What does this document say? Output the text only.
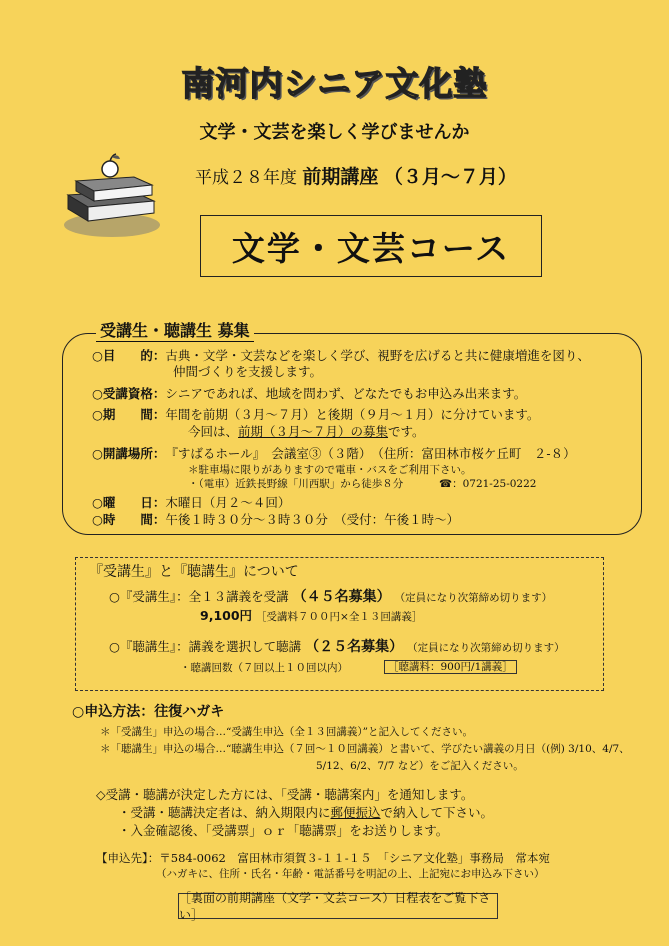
南河内シニア文化塾
文学・文芸を楽しく学びませんか
平成２８年度 前期講座 （３月～７月）
文学・文芸コース
受講生・聴講生 募集
○目　　的：古典・文学・文芸などを楽しく学び、視野を広げると共に健康増進を図り、
仲間づくりを支援します。
○受講資格：シニアであれば、地域を問わず、どなたでもお申込み出来ます。
○期　　間：年間を前期（３月～７月）と後期（９月～１月）に分けています。
今回は、前期（３月～７月）の募集です。
○開講場所：『すばるホール』　会議室③（３階）　（住所：富田林市桜ケ丘町　２-８）
＊駐車場に限りがありますので電車・バスをご利用下さい。
・（電車）近鉄長野線「川西駅」から徒歩８分	☎：0721-25-0222
○曜　　日：木曜日（月２～４回）
○時　　間：午後１時３０分～３時３０分　（受付：午後１時～）
『受講生』と『聴講生』について
○『受講生』：全１３講義を受講 （４５名募集） （定員になり次第締め切ります）
9,100円 ［受講料７００円×全１３回講義］
○『聴講生』：講義を選択して聴講 （２５名募集） （定員になり次第締め切ります）
・聴講回数（７回以上１０回以内）	［聴講料：900円/1講義］
○申込方法：往復ハガキ
＊「受講生」申込の場合…“受講生申込（全１３回講義）”と記入してください。
＊「聴講生」申込の場合…“聴講生申込（７回～１０回講義）と書いて、学びたい講義の月日（(例) 3/10、4/7、
5/12、6/2、7/7 など）をご記入ください。
◇受講・聴講が決定した方には、「受講・聴講案内」を通知します。
・受講・聴講決定者は、納入期限内に郵便振込で納入して下さい。
・入金確認後、「受講票」ｏｒ「聴講票」をお送りします。
【申込先】：〒584-0062　富田林市須賀３-１１-１５　「シニア文化塾」事務局　常本宛
（ハガキに、住所・氏名・年齢・電話番号を明記の上、上記宛にお申込み下さい）
［裏面の前期講座（文学・文芸コース）日程表をご覧下さい］
